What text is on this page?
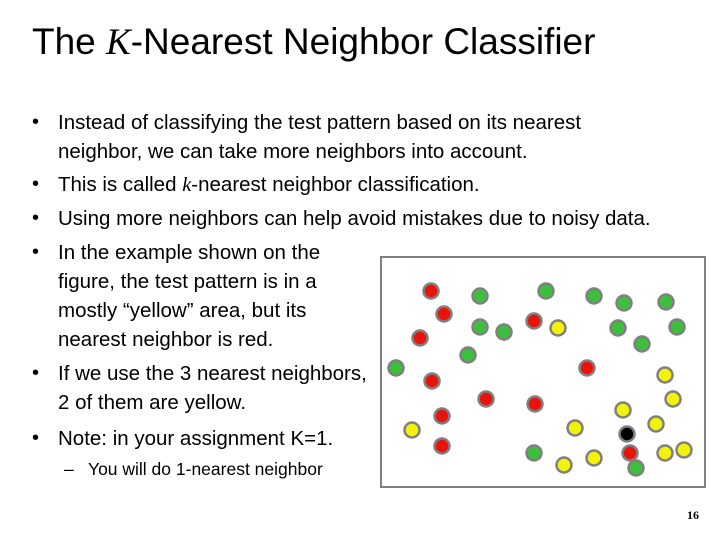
The K-Nearest Neighbor Classifier
• Instead of classifying the test pattern based on its nearest neighbor, we can take more neighbors into account.
• This is called k-nearest neighbor classification.
• Using more neighbors can help avoid mistakes due to noisy data.
• In the example shown on the figure, the test pattern is in a mostly “yellow” area, but its nearest neighbor is red.
• If we use the 3 nearest neighbors, 2 of them are yellow.
• Note: in your assignment K=1.
– You will do 1-nearest neighbor
16
